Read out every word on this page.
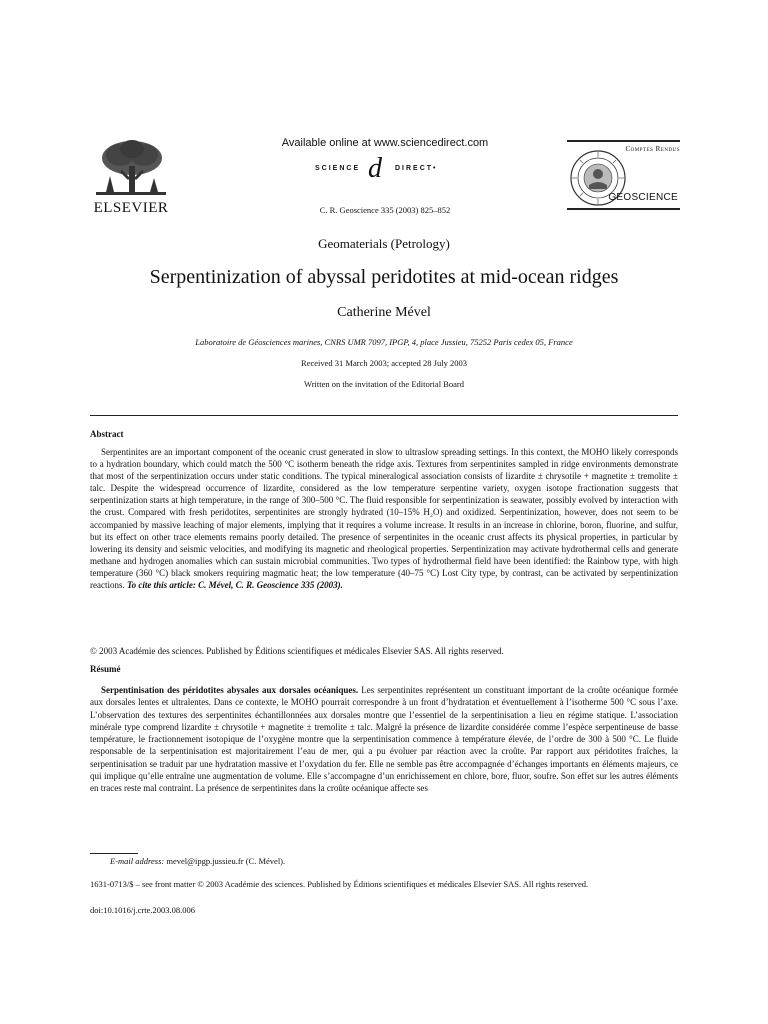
ELSEVIER
Available online at www.sciencedirect.com
SCIENCE d DIRECT•
C. R. Geoscience 335 (2003) 825–852
Comptes Rendus
GEOSCIENCE
Geomaterials (Petrology)
Serpentinization of abyssal peridotites at mid-ocean ridges
Catherine Mével
Laboratoire de Géosciences marines, CNRS UMR 7097, IPGP, 4, place Jussieu, 75252 Paris cedex 05, France
Received 31 March 2003; accepted 28 July 2003
Written on the invitation of the Editorial Board
Abstract
Serpentinites are an important component of the oceanic crust generated in slow to ultraslow spreading settings. In this context, the MOHO likely corresponds to a hydration boundary, which could match the 500 °C isotherm beneath the ridge axis. Textures from serpentinites sampled in ridge environments demonstrate that most of the serpentinization occurs under static conditions. The typical mineralogical association consists of lizardite ± chrysotile + magnetite ± tremolite ± talc. Despite the widespread occurrence of lizardite, considered as the low temperature serpentine variety, oxygen isotope fractionation suggests that serpentinization starts at high temperature, in the range of 300–500 °C. The fluid responsible for serpentinization is seawater, possibly evolved by interaction with the crust. Compared with fresh peridotites, serpentinites are strongly hydrated (10–15% H₂O) and oxidized. Serpentinization, however, does not seem to be accompanied by massive leaching of major elements, implying that it requires a volume increase. It results in an increase in chlorine, boron, fluorine, and sulfur, but its effect on other trace elements remains poorly detailed. The presence of serpentinites in the oceanic crust affects its physical properties, in particular by lowering its density and seismic velocities, and modifying its magnetic and rheological properties. Serpentinization may activate hydrothermal cells and generate methane and hydrogen anomalies which can sustain microbial communities. Two types of hydrothermal field have been identified: the Rainbow type, with high temperature (360 °C) black smokers requiring magmatic heat; the low temperature (40–75 °C) Lost City type, by contrast, can be activated by serpentinization reactions. To cite this article: C. Mével, C. R. Geoscience 335 (2003).
© 2003 Académie des sciences. Published by Éditions scientifiques et médicales Elsevier SAS. All rights reserved.
Résumé
Serpentinisation des péridotites abysales aux dorsales océaniques. Les serpentinites représentent un constituant important de la croûte océanique formée aux dorsales lentes et ultralentes. Dans ce contexte, le MOHO pourrait correspondre à un front d’hydratation et éventuellement à l’isotherme 500 °C sous l’axe. L’observation des textures des serpentinites échantillonnées aux dorsales montre que l’essentiel de la serpentinisation a lieu en régime statique. L’association minérale type comprend lizardite ± chrysotile + magnetite ± tremolite ± talc. Malgré la présence de lizardite considérée comme l’espèce serpentineuse de basse température, le fractionnement isotopique de l’oxygène montre que la serpentinisation commence à température élevée, de l’ordre de 300 à 500 °C. Le fluide responsable de la serpentinisation est majoritairement l’eau de mer, qui a pu évoluer par réaction avec la croûte. Par rapport aux péridotites fraîches, la serpentinisation se traduit par une hydratation massive et l’oxydation du fer. Elle ne semble pas être accompagnée d’échanges importants en éléments majeurs, ce qui implique qu’elle entraîne une augmentation de volume. Elle s’accompagne d’un enrichissement en chlore, bore, fluor, soufre. Son effet sur les autres éléments en traces reste mal contraint. La présence de serpentinites dans la croûte océanique affecte ses
E-mail address: mevel@ipgp.jussieu.fr (C. Mével).
1631-0713/$ – see front matter © 2003 Académie des sciences. Published by Éditions scientifiques et médicales Elsevier SAS. All rights reserved.
doi:10.1016/j.crte.2003.08.006
